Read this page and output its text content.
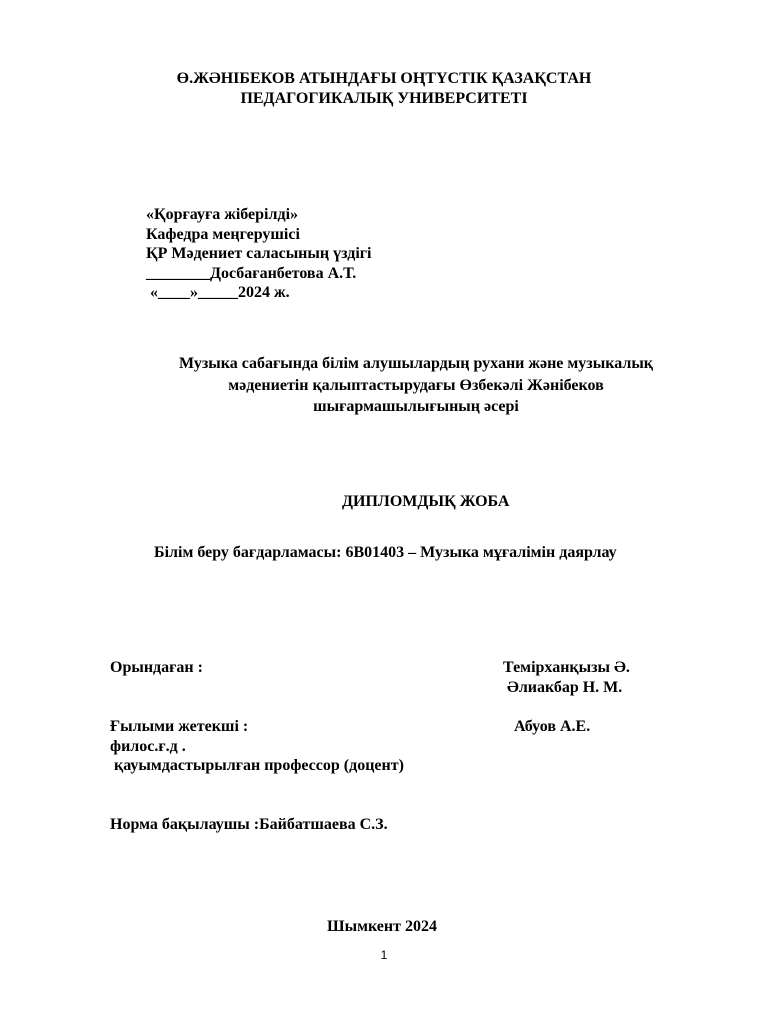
Ө.ЖӘНІБЕКОВ АТЫНДАҒЫ ОҢТҮСТІК ҚАЗАҚСТАН
ПЕДАГОГИКАЛЫҚ УНИВЕРСИТЕТІ
«Қорғауға жіберілді»
Кафедра меңгерушісі
ҚР Мәдениет саласының үздігі
________Досбағанбетова А.Т.
«____»_____2024 ж.
Музыка сабағында білім алушылардың рухани және музыкалық
мәдениетін қалыптастырудағы Өзбекәлі Жәнібеков
шығармашылығының әсері
ДИПЛОМДЫҚ ЖОБА
Білім беру бағдарламасы: 6В01403 – Музыка мұғалімін даярлау
Орындаған :	Темірханқызы Ә.
Әлиакбар Н. М.
Ғылыми жетекші :	Абуов А.Е.
филос.ғ.д .
қауымдастырылған профессор (доцент)
Норма бақылаушы :Байбатшаева С.З.
Шымкент 2024
1
